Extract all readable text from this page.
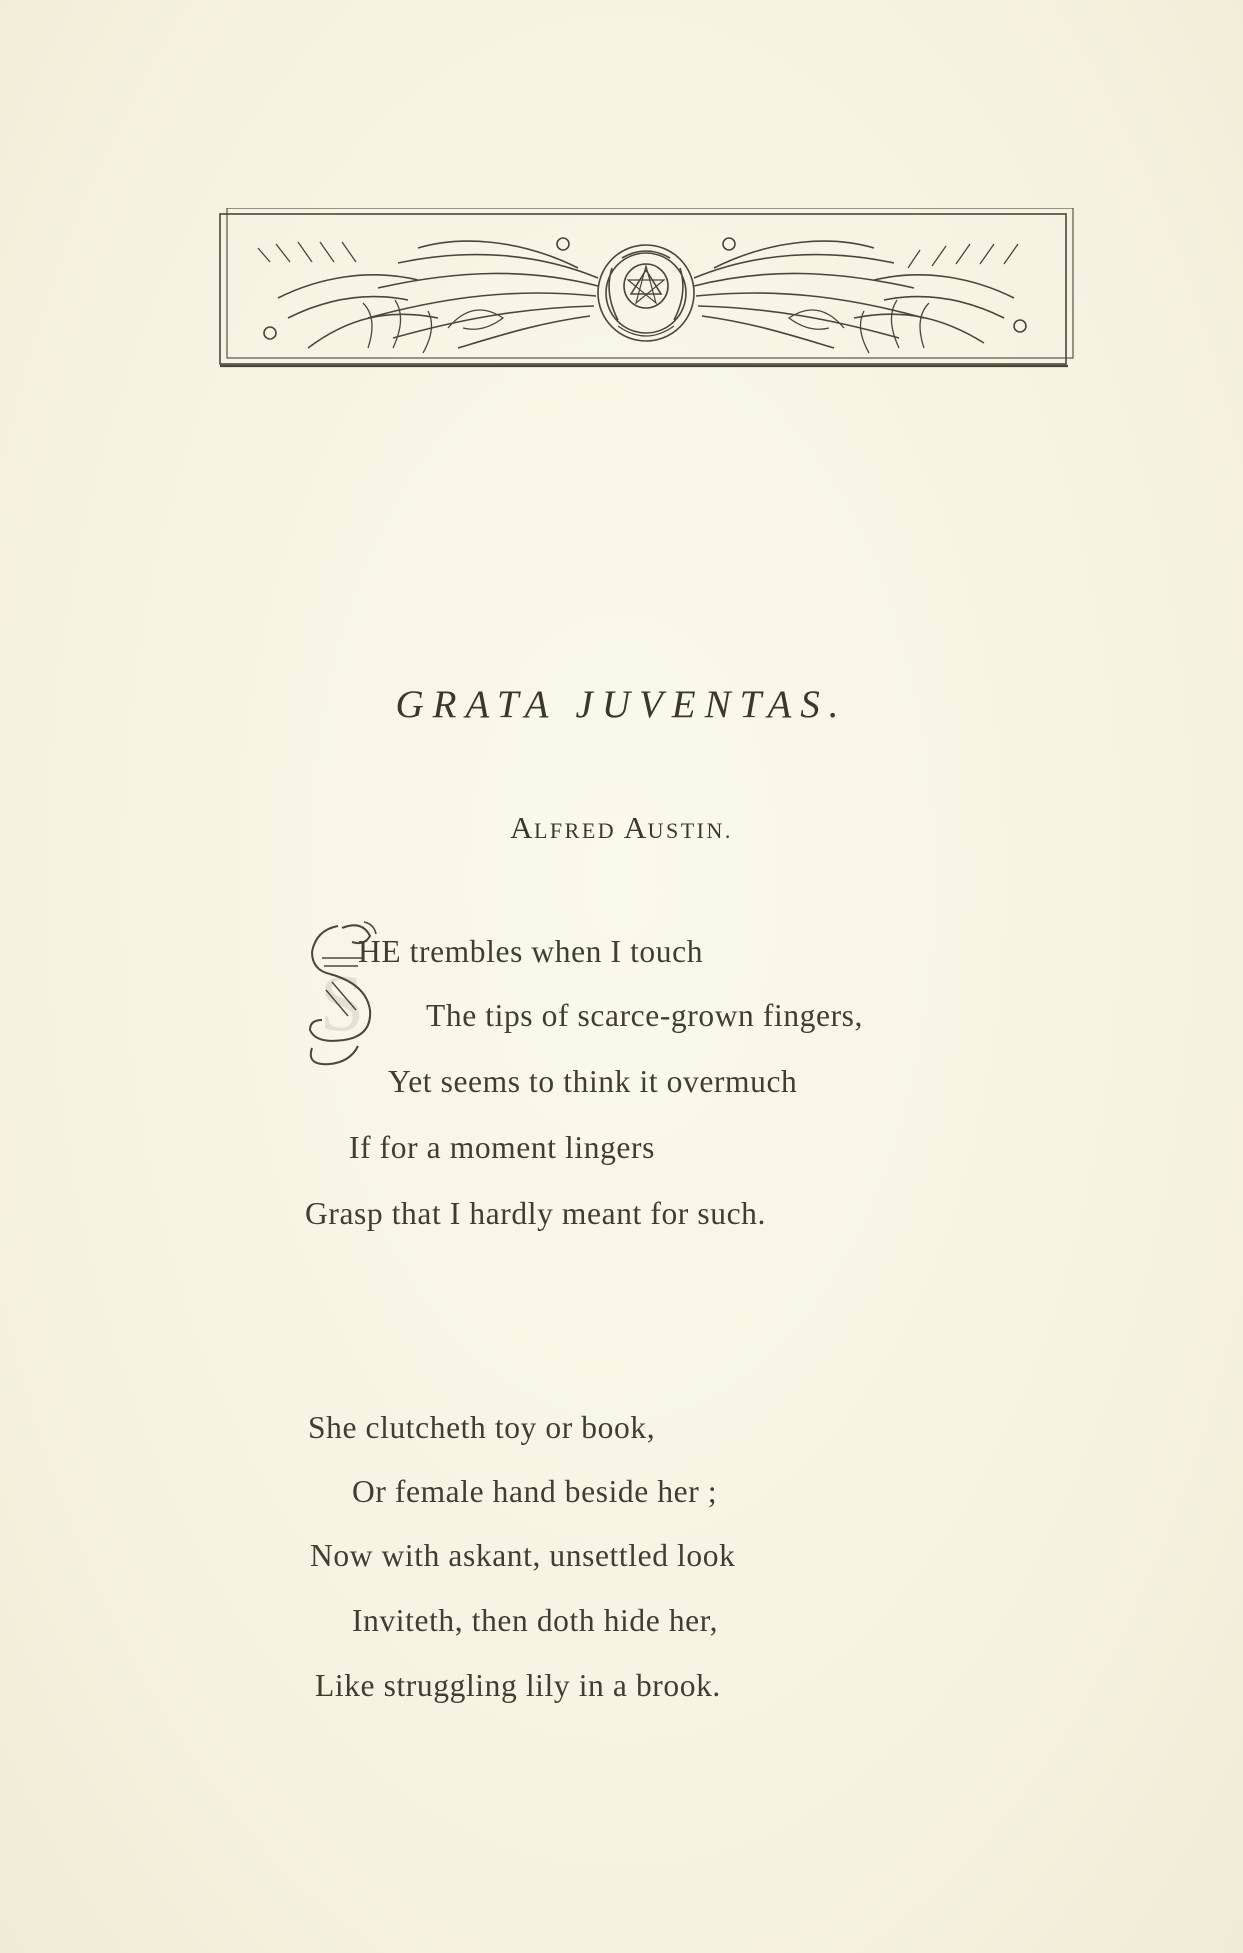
GRATA JUVENTAS.
ALFRED AUSTIN.
S
HE trembles when I touch
The tips of scarce-grown fingers,
Yet seems to think it overmuch
If for a moment lingers
Grasp that I hardly meant for such.
She clutcheth toy or book,
Or female hand beside her ;
Now with askant, unsettled look
Inviteth, then doth hide her,
Like struggling lily in a brook.
